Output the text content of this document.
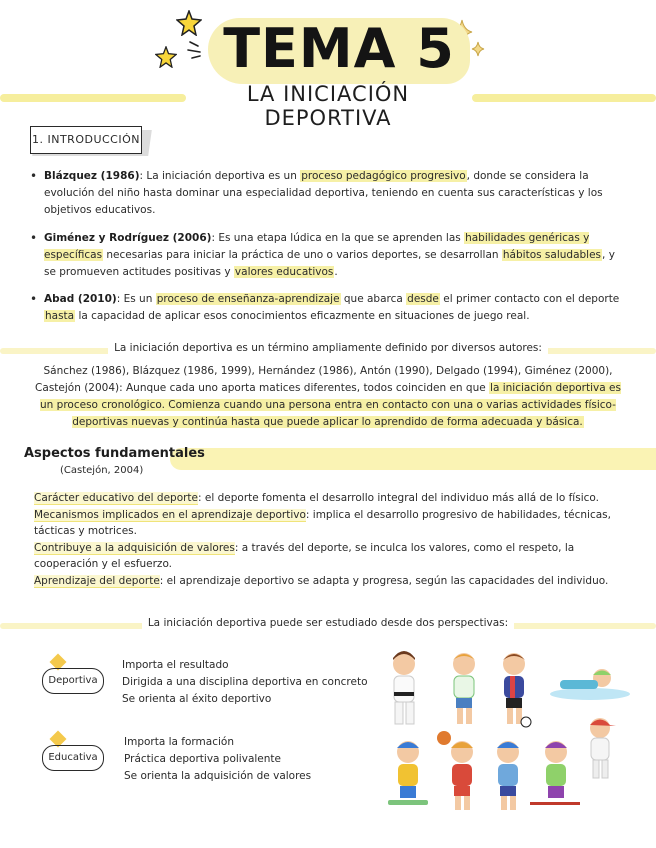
TEMA 5
LA INICIACIÓN DEPORTIVA
1. INTRODUCCIÓN
• Blázquez (1986): La iniciación deportiva es un proceso pedagógico progresivo, donde se considera la evolución del niño hasta dominar una especialidad deportiva, teniendo en cuenta sus características y los objetivos educativos.
• Giménez y Rodríguez (2006): Es una etapa lúdica en la que se aprenden las habilidades genéricas y específicas necesarias para iniciar la práctica de uno o varios deportes, se desarrollan hábitos saludables, y se promueven actitudes positivas y valores educativos.
• Abad (2010): Es un proceso de enseñanza-aprendizaje que abarca desde el primer contacto con el deporte hasta la capacidad de aplicar esos conocimientos eficazmente en situaciones de juego real.
La iniciación deportiva es un término ampliamente definido por diversos autores:
Sánchez (1986), Blázquez (1986, 1999), Hernández (1986), Antón (1990), Delgado (1994), Giménez (2000), Castejón (2004): Aunque cada uno aporta matices diferentes, todos coinciden en que la iniciación deportiva es un proceso cronológico. Comienza cuando una persona entra en contacto con una o varias actividades físico-deportivas nuevas y continúa hasta que puede aplicar lo aprendido de forma adecuada y básica.
Aspectos fundamentales
(Castejón, 2004)
Carácter educativo del deporte: el deporte fomenta el desarrollo integral del individuo más allá de lo físico.
Mecanismos implicados en el aprendizaje deportivo: implica el desarrollo progresivo de habilidades, técnicas, tácticas y motrices.
Contribuye a la adquisición de valores: a través del deporte, se inculca los valores, como el respeto, la cooperación y el esfuerzo.
Aprendizaje del deporte: el aprendizaje deportivo se adapta y progresa, según las capacidades del individuo.
La iniciación deportiva puede ser estudiado desde dos perspectivas:
Deportiva
Importa el resultado
Dirigida a una disciplina deportiva en concreto
Se orienta al éxito deportivo
Educativa
Importa la formación
Práctica deportiva polivalente
Se orienta la adquisición de valores
